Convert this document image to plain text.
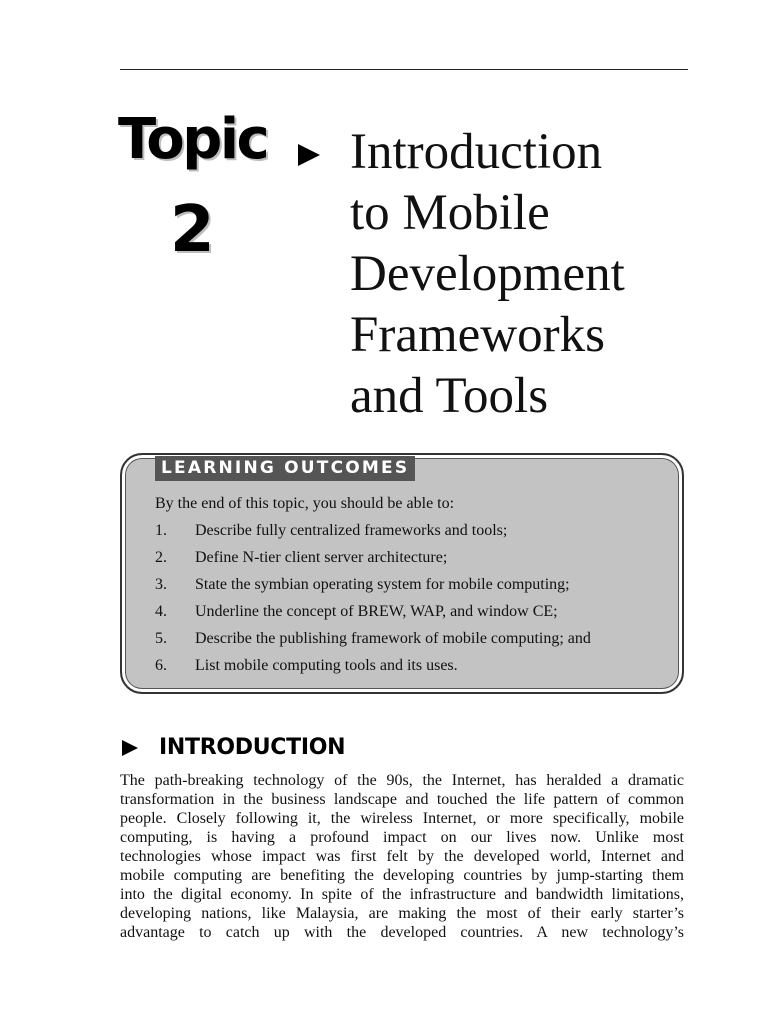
Topic
2
Introduction
to Mobile
Development
Frameworks
and Tools
LEARNING OUTCOMES
By the end of this topic, you should be able to:
1. Describe fully centralized frameworks and tools;
2. Define N-tier client server architecture;
3. State the symbian operating system for mobile computing;
4. Underline the concept of BREW, WAP, and window CE;
5. Describe the publishing framework of mobile computing; and
6. List mobile computing tools and its uses.
INTRODUCTION

The path-breaking technology of the 90s, the Internet, has heralded a dramatic
transformation in the business landscape and touched the life pattern of common
people. Closely following it, the wireless Internet, or more specifically, mobile
computing, is having a profound impact on our lives now. Unlike most
technologies whose impact was first felt by the developed world, Internet and
mobile computing are benefiting the developing countries by jump-starting them
into the digital economy. In spite of the infrastructure and bandwidth limitations,
developing nations, like Malaysia, are making the most of their early starter’s
advantage to catch up with the developed countries. A new technology’s
